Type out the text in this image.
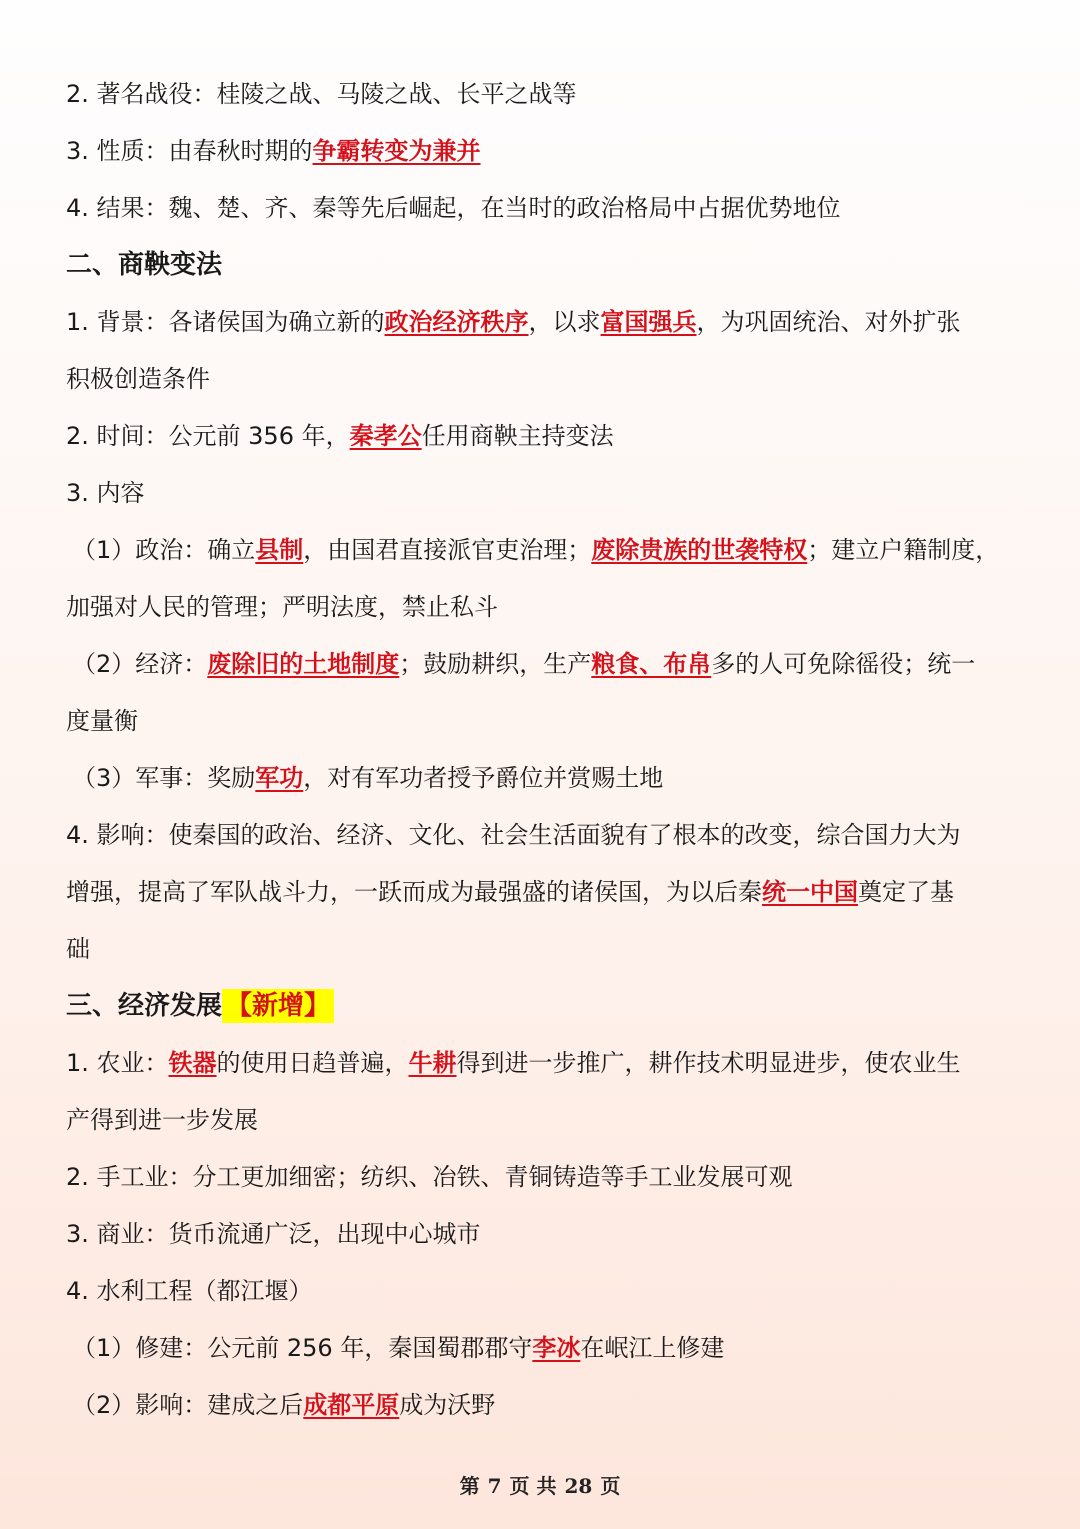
2. 著名战役：桂陵之战、马陵之战、长平之战等
3. 性质：由春秋时期的争霸转变为兼并
4. 结果：魏、楚、齐、秦等先后崛起，在当时的政治格局中占据优势地位
二、商鞅变法
1. 背景：各诸侯国为确立新的政治经济秩序，以求富国强兵，为巩固统治、对外扩张
积极创造条件
2. 时间：公元前 356 年，秦孝公任用商鞅主持变法
3. 内容
（1）政治：确立县制，由国君直接派官吏治理；废除贵族的世袭特权；建立户籍制度，
加强对人民的管理；严明法度，禁止私斗
（2）经济：废除旧的土地制度；鼓励耕织，生产粮食、布帛多的人可免除徭役；统一
度量衡
（3）军事：奖励军功，对有军功者授予爵位并赏赐土地
4. 影响：使秦国的政治、经济、文化、社会生活面貌有了根本的改变，综合国力大为
增强，提高了军队战斗力，一跃而成为最强盛的诸侯国，为以后秦统一中国奠定了基
础
三、经济发展 【新增】
1. 农业：铁器的使用日趋普遍，牛耕得到进一步推广，耕作技术明显进步，使农业生
产得到进一步发展
2. 手工业：分工更加细密；纺织、冶铁、青铜铸造等手工业发展可观
3. 商业：货币流通广泛，出现中心城市
4. 水利工程（都江堰）
（1）修建：公元前 256 年，秦国蜀郡郡守李冰在岷江上修建
（2）影响：建成之后成都平原成为沃野
第 7 页 共 28 页
